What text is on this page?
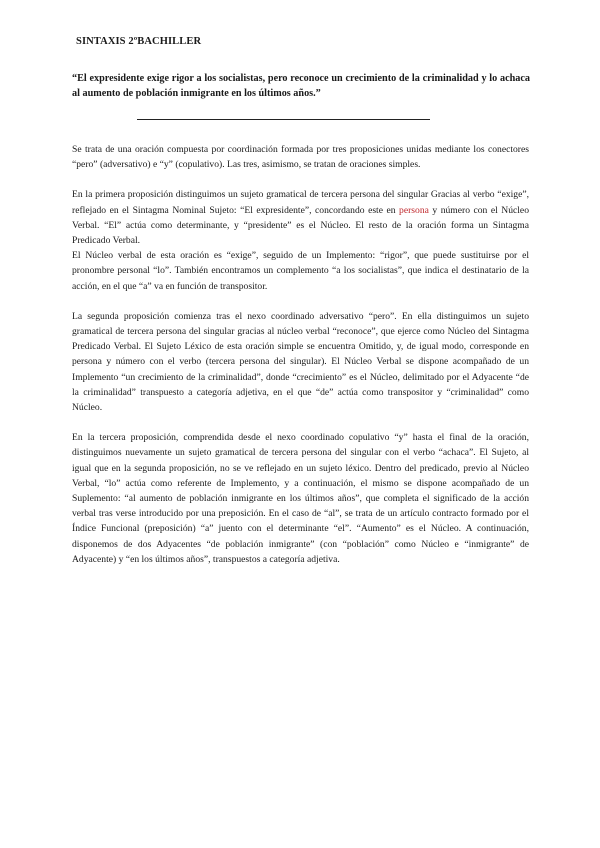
SINTAXIS 2ºBACHILLER
“El expresidente exige rigor a los socialistas, pero reconoce un crecimiento de la criminalidad y lo achaca al aumento de población inmigrante en los últimos años.”

Se trata de una oración compuesta por coordinación formada por tres proposiciones unidas mediante los conectores “pero” (adversativo) e “y” (copulativo). Las tres, asimismo, se tratan de oraciones simples.

En la primera proposición distinguimos un sujeto gramatical de tercera persona del singular Gracias al verbo “exige”, reflejado en el Sintagma Nominal Sujeto: “El expresidente”, concordando este en persona y número con el Núcleo Verbal. “El” actúa como determinante, y “presidente” es el Núcleo. El resto de la oración forma un Sintagma Predicado Verbal.

El Núcleo verbal de esta oración es “exige”, seguido de un Implemento: “rigor”, que puede sustituirse por el pronombre personal “lo”. También encontramos un complemento “a los socialistas”, que indica el destinatario de la acción, en el que “a” va en función de transpositor.

La segunda proposición comienza tras el nexo coordinado adversativo “pero”. En ella distinguimos un sujeto gramatical de tercera persona del singular gracias al núcleo verbal “reconoce”, que ejerce como Núcleo del Sintagma Predicado Verbal. El Sujeto Léxico de esta oración simple se encuentra Omitido, y, de igual modo, corresponde en persona y número con el verbo (tercera persona del singular). El Núcleo Verbal se dispone acompañado de un Implemento “un crecimiento de la criminalidad”, donde “crecimiento” es el Núcleo, delimitado por el Adyacente “de la criminalidad” transpuesto a categoría adjetiva, en el que “de” actúa como transpositor y “criminalidad” como Núcleo.

En la tercera proposición, comprendida desde el nexo coordinado copulativo “y” hasta el final de la oración, distinguimos nuevamente un sujeto gramatical de tercera persona del singular con el verbo “achaca”. El Sujeto, al igual que en la segunda proposición, no se ve reflejado en un sujeto léxico. Dentro del predicado, previo al Núcleo Verbal, “lo” actúa como referente de Implemento, y a continuación, el mismo se dispone acompañado de un Suplemento: “al aumento de población inmigrante en los últimos años”, que completa el significado de la acción verbal tras verse introducido por una preposición. En el caso de “al”, se trata de un artículo contracto formado por el Índice Funcional (preposición) “a” juento con el determinante “el”. “Aumento” es el Núcleo. A continuación, disponemos de dos Adyacentes “de población inmigrante” (con “población” como Núcleo e “inmigrante” de Adyacente) y “en los últimos años”, transpuestos a categoría adjetiva.
